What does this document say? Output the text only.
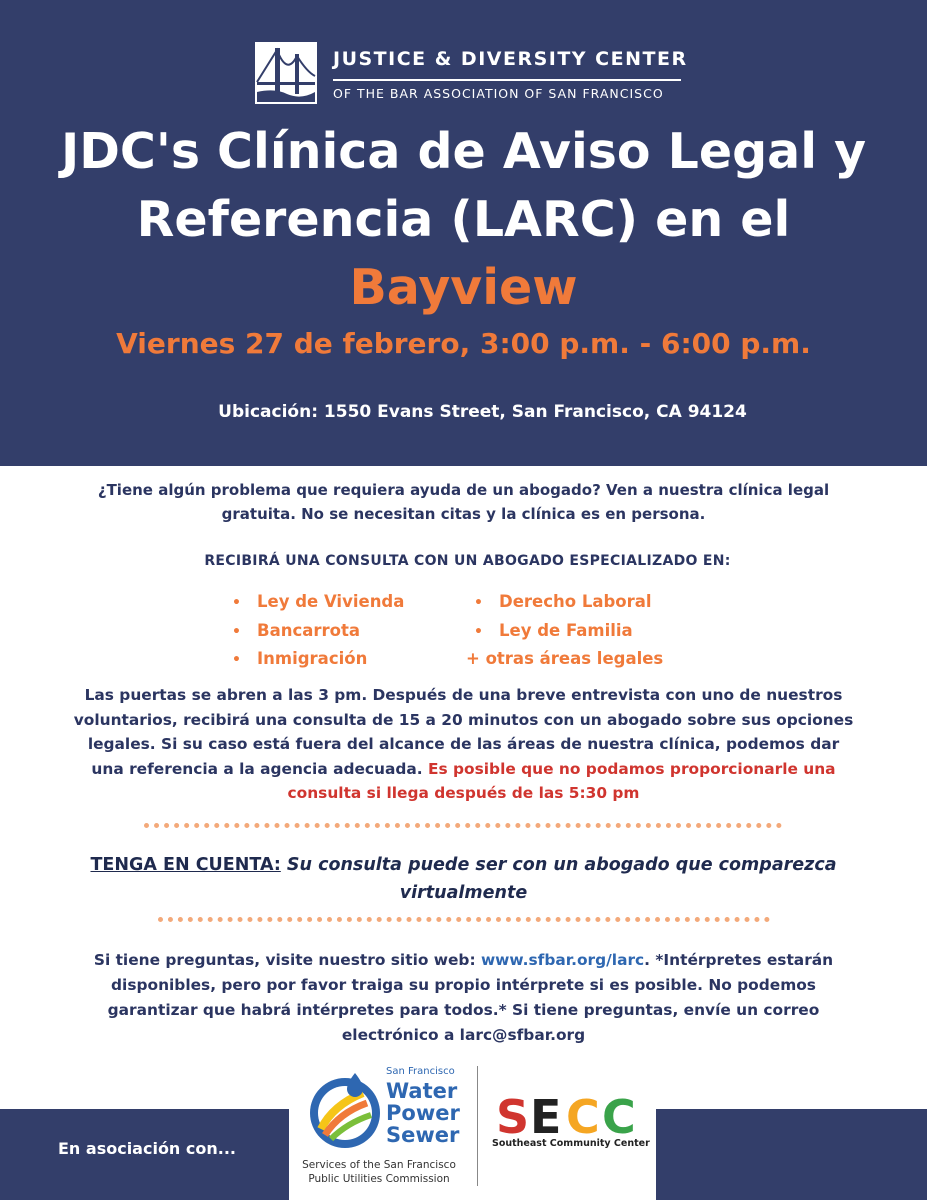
JUSTICE & DIVERSITY CENTER
OF THE BAR ASSOCIATION OF SAN FRANCISCO
JDC's Clínica de Aviso Legal y
Referencia (LARC) en el
Bayview
Viernes 27 de febrero, 3:00 p.m. - 6:00 p.m.
Ubicación: 1550 Evans Street, San Francisco, CA 94124
¿Tiene algún problema que requiera ayuda de un abogado? Ven a nuestra clínica legal gratuita. No se necesitan citas y la clínica es en persona.
RECIBIRÁ UNA CONSULTA CON UN ABOGADO ESPECIALIZADO EN:
• Ley de Vivienda
• Bancarrota
• Inmigración
• Derecho Laboral
• Ley de Familia
+ otras áreas legales
Las puertas se abren a las 3 pm. Después de una breve entrevista con uno de nuestros voluntarios, recibirá una consulta de 15 a 20 minutos con un abogado sobre sus opciones legales. Si su caso está fuera del alcance de las áreas de nuestra clínica, podemos dar una referencia a la agencia adecuada. Es posible que no podamos proporcionarle una consulta si llega después de las 5:30 pm
TENGA EN CUENTA: Su consulta puede ser con un abogado que comparezca virtualmente
Si tiene preguntas, visite nuestro sitio web: www.sfbar.org/larc. *Intérpretes estarán disponibles, pero por favor traiga su propio intérprete si es posible. No podemos garantizar que habrá intérpretes para todos.* Si tiene preguntas, envíe un correo electrónico a larc@sfbar.org
En asociación con...
San Francisco
Water
Power
Sewer
Services of the San Francisco Public Utilities Commission
S E C C
Southeast Community Center
